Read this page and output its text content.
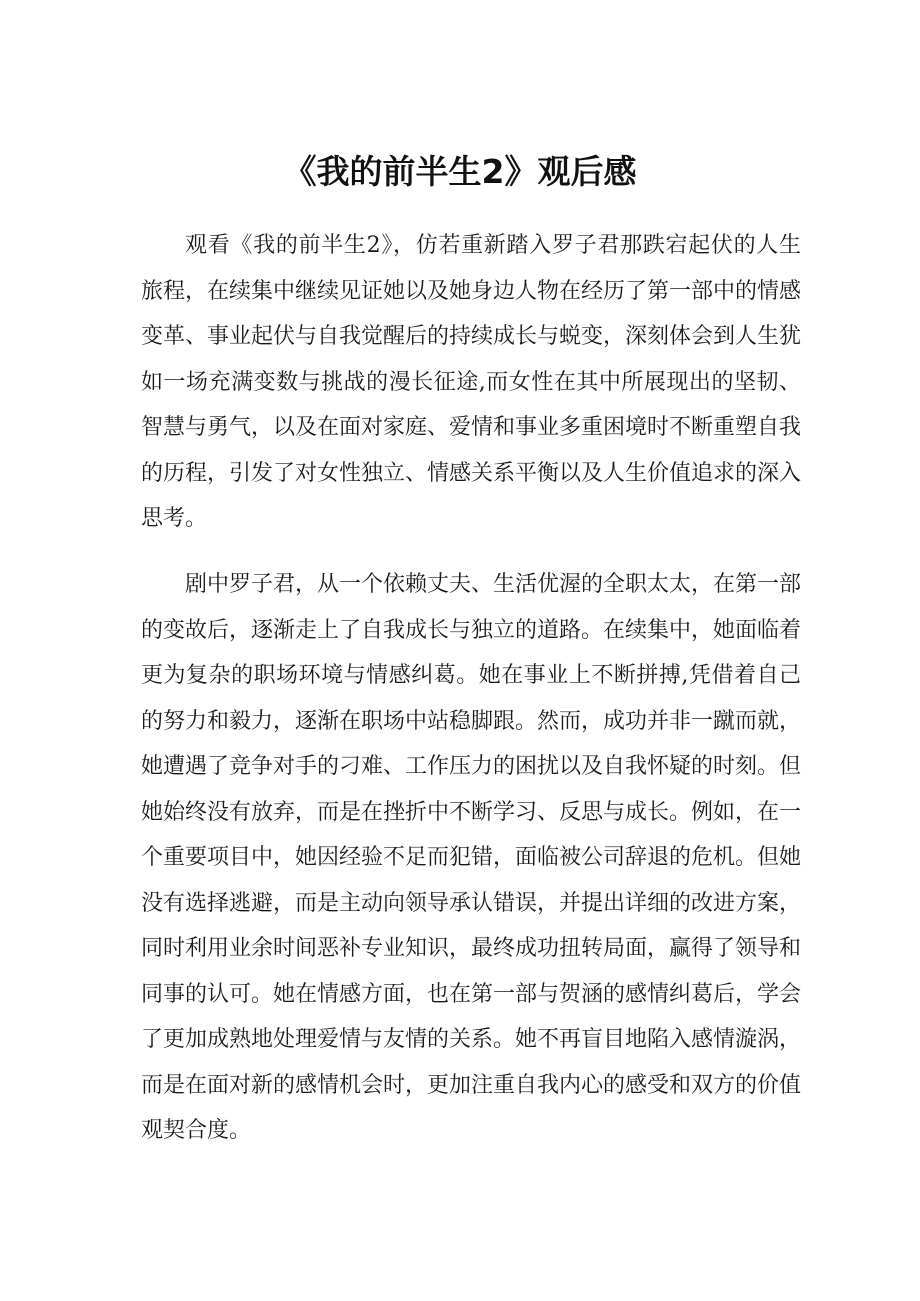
《我的前半生2》观后感

观看《我的前半生2》，仿若重新踏入罗子君那跌宕起伏的人生旅程，在续集中继续见证她以及她身边人物在经历了第一部中的情感变革、事业起伏与自我觉醒后的持续成长与蜕变，深刻体会到人生犹如一场充满变数与挑战的漫长征途,而女性在其中所展现出的坚韧、智慧与勇气，以及在面对家庭、爱情和事业多重困境时不断重塑自我的历程，引发了对女性独立、情感关系平衡以及人生价值追求的深入思考。

剧中罗子君，从一个依赖丈夫、生活优渥的全职太太，在第一部的变故后，逐渐走上了自我成长与独立的道路。在续集中，她面临着更为复杂的职场环境与情感纠葛。她在事业上不断拼搏,凭借着自己的努力和毅力，逐渐在职场中站稳脚跟。然而，成功并非一蹴而就，她遭遇了竞争对手的刁难、工作压力的困扰以及自我怀疑的时刻。但她始终没有放弃，而是在挫折中不断学习、反思与成长。例如，在一个重要项目中，她因经验不足而犯错，面临被公司辞退的危机。但她没有选择逃避，而是主动向领导承认错误，并提出详细的改进方案，同时利用业余时间恶补专业知识，最终成功扭转局面，赢得了领导和同事的认可。她在情感方面，也在第一部与贺涵的感情纠葛后，学会了更加成熟地处理爱情与友情的关系。她不再盲目地陷入感情漩涡，而是在面对新的感情机会时，更加注重自我内心的感受和双方的价值观契合度。
